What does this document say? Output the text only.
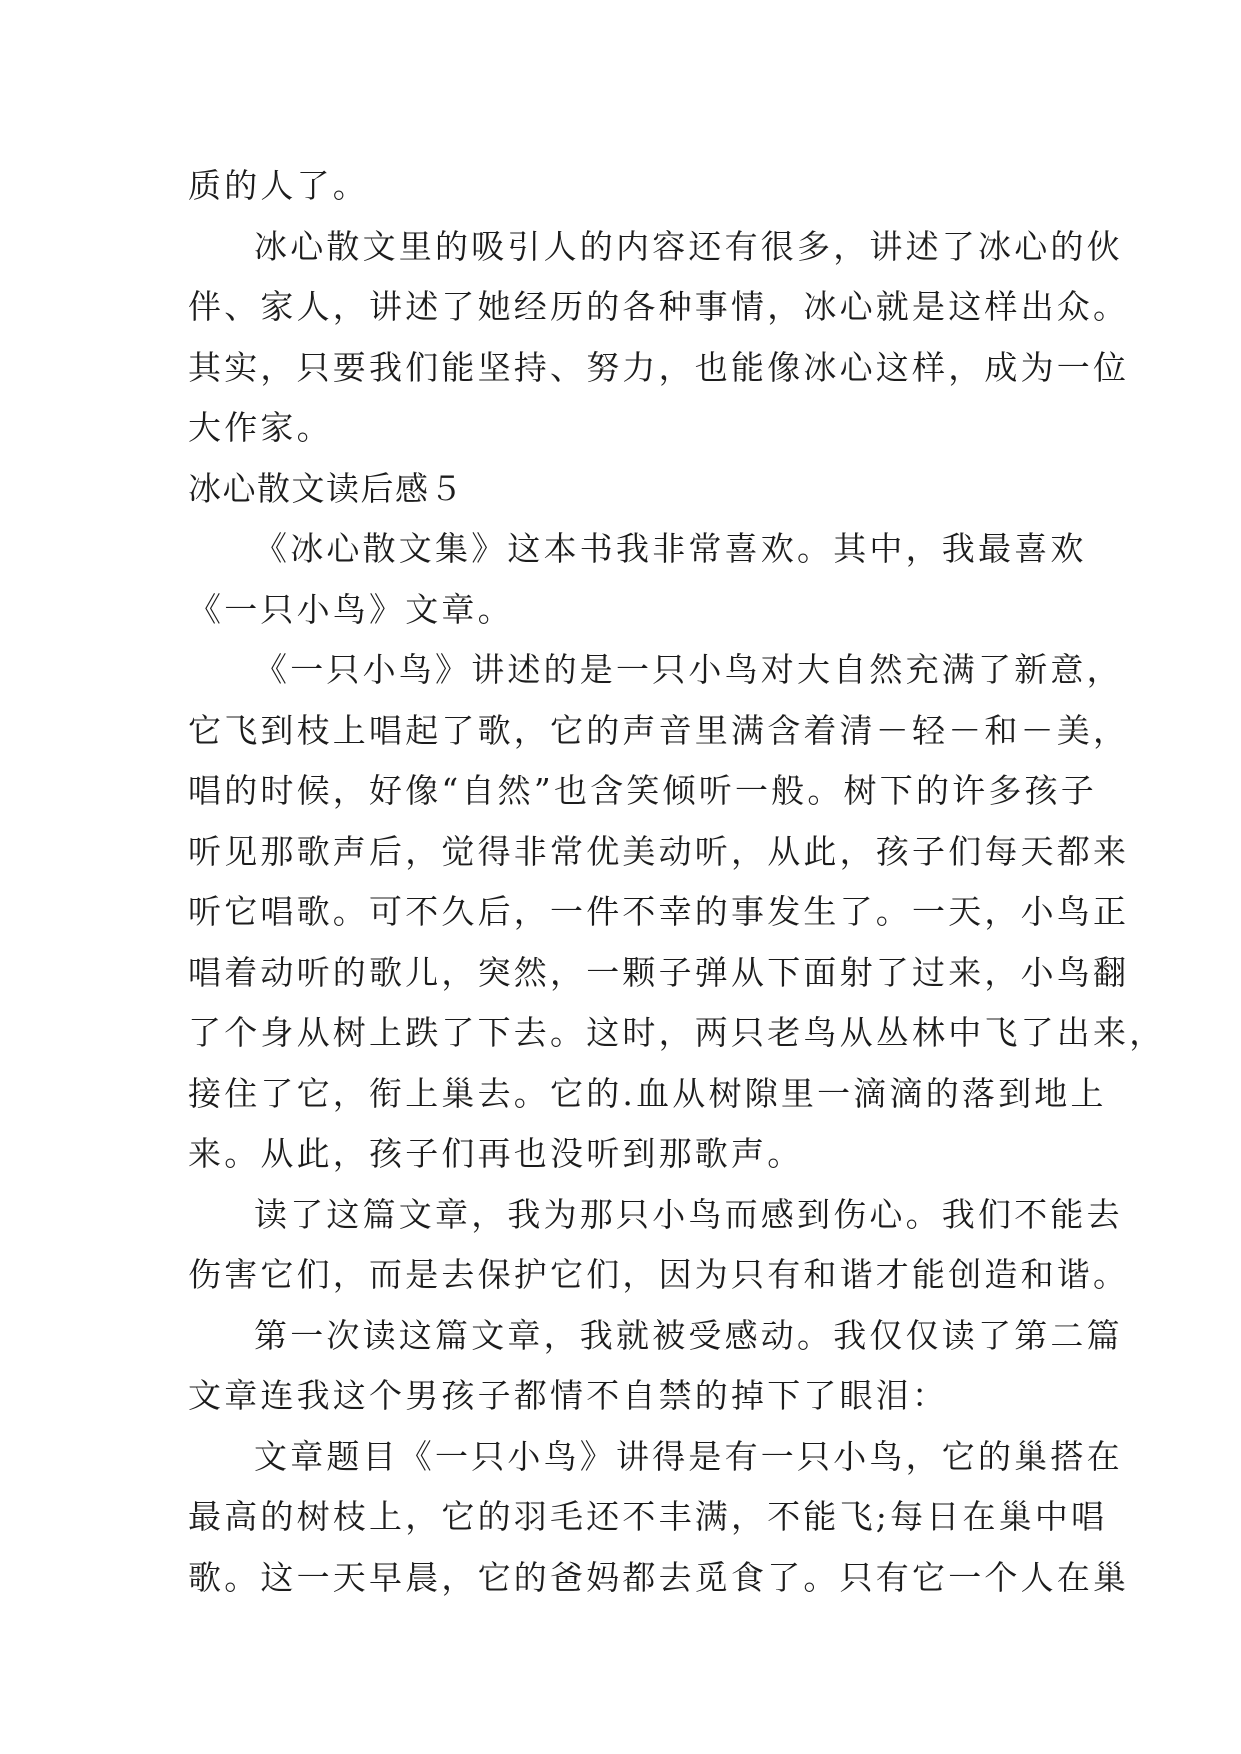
质的人了。
冰心散文里的吸引人的内容还有很多，讲述了冰心的伙
伴、家人，讲述了她经历的各种事情，冰心就是这样出众。
其实，只要我们能坚持、努力，也能像冰心这样，成为一位
大作家。
冰心散文读后感５
《冰心散文集》这本书我非常喜欢。其中，我最喜欢
《一只小鸟》文章。
《一只小鸟》讲述的是一只小鸟对大自然充满了新意，
它飞到枝上唱起了歌，它的声音里满含着清－轻－和－美，
唱的时候，好像“自然”也含笑倾听一般。树下的许多孩子
听见那歌声后，觉得非常优美动听，从此，孩子们每天都来
听它唱歌。可不久后，一件不幸的事发生了。一天，小鸟正
唱着动听的歌儿，突然，一颗子弹从下面射了过来，小鸟翻
了个身从树上跌了下去。这时，两只老鸟从丛林中飞了出来，
接住了它，衔上巢去。它的.血从树隙里一滴滴的落到地上
来。从此，孩子们再也没听到那歌声。
读了这篇文章，我为那只小鸟而感到伤心。我们不能去
伤害它们，而是去保护它们，因为只有和谐才能创造和谐。
第一次读这篇文章，我就被受感动。我仅仅读了第二篇
文章连我这个男孩子都情不自禁的掉下了眼泪：
文章题目《一只小鸟》讲得是有一只小鸟，它的巢搭在
最高的树枝上，它的羽毛还不丰满，不能飞;每日在巢中唱
歌。这一天早晨，它的爸妈都去觅食了。只有它一个人在巢
